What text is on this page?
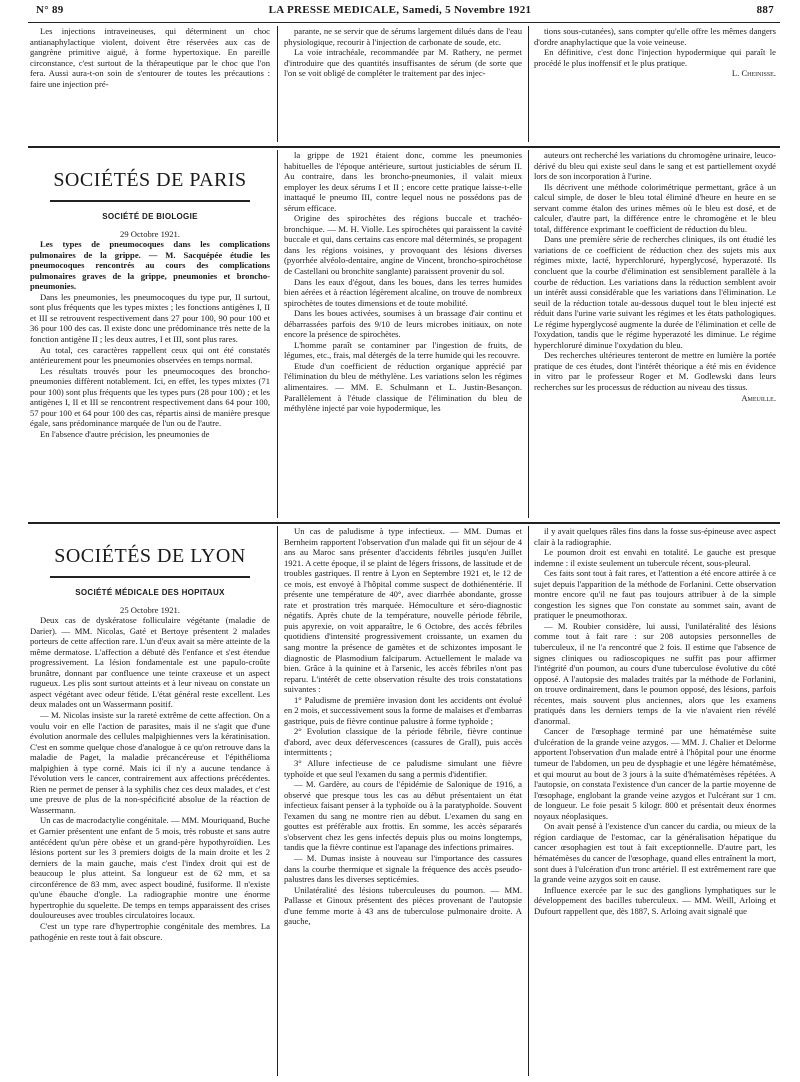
N° 89	LA PRESSE MEDICALE, Samedi, 5 Novembre 1921	887

Les injections intraveineuses, qui déterminent un choc antianaphylactique violent, doivent être réservées aux cas de gangrène primitive aiguë, à forme hypertoxique. En pareille circonstance, c'est surtout de la thérapeutique par le choc que l'on fera. Aussi aura-t-on soin de s'entourer de toutes les précautions : faire une injection pré-

parante, ne se servir que de sérums largement dilués dans de l'eau physiologique, recourir à l'injection de carbonate de soude, etc.

La voie intrachéale, recommandée par M. Rathery, ne permet d'introduire que des quantités insuffisantes de sérum (de sorte que l'on se voit obligé de compléter le traitement par des injec-

tions sous-cutanées), sans compter qu'elle offre les mêmes dangers d'ordre anaphylactique que la voie veineuse.

En définitive, c'est donc l'injection hypodermique qui paraît le procédé le plus inoffensif et le plus pratique.

L. Cheinisse.

SOCIÉTÉS DE PARIS
SOCIÉTÉ DE BIOLOGIE

29 Octobre 1921.

Les types de pneumocoques dans les complications pulmonaires de la grippe. — M. Sacquépée étudie les pneumocoques rencontrés au cours des complications pulmonaires graves de la grippe, pneumonies et broncho-pneumonies.

Dans les pneumonies, les pneumocoques du type pur, II surtout, sont plus fréquents que les types mixtes ; les fonctions antigènes I, II et III se retrouvent respectivement dans 27 pour 100, 90 pour 100 et 36 pour 100 des cas. Il existe donc une prédominance très nette de la fonction antigène II ; les deux autres, I et III, sont plus rares.

Au total, ces caractères rappellent ceux qui ont été constatés antérieurement pour les pneumonies observées en temps normal.

Les résultats trouvés pour les pneumocoques des broncho-pneumonies diffèrent notablement. Ici, en effet, les types mixtes (71 pour 100) sont plus fréquents que les types purs (28 pour 100) ; et les antigènes I, II et III se rencontrent respectivement dans 64 pour 100, 57 pour 100 et 64 pour 100 des cas, répartis ainsi de manière presque égale, sans prédominance marquée de l'un ou de l'autre.

En l'absence d'autre précision, les pneumonies de

la grippe de 1921 étaient donc, comme les pneumonies habituelles de l'époque antérieure, surtout justiciables de sérum II. Au contraire, dans les broncho-pneumonies, il valait mieux employer les deux sérums I et II ; encore cette pratique laisse-t-elle inattaqué le pneumo III, contre lequel nous ne possédons pas de sérum efficace.

Origine des spirochètes des régions buccale et trachéo-bronchique. — M. H. Violle. Les spirochètes qui paraissent la cavité buccale et qui, dans certains cas encore mal déterminés, se propagent dans les régions voisines, y provoquant des lésions diverses (pyorrhée alvéolo-dentaire, angine de Vincent, broncho-spirochétose de Castellani ou bronchite sanglante) paraissent provenir du sol.

Dans les eaux d'égout, dans les boues, dans les terres humides bien aérées et à réaction légèrement alcaline, on trouve de nombreux spirochètes de toutes dimensions et de toute mobilité.

Dans les boues activées, soumises à un brassage d'air continu et débarrassées parfois des 9/10 de leurs microbes initiaux, on note encore la présence de spirochètes.

L'homme paraît se contaminer par l'ingestion de fruits, de légumes, etc., frais, mal détergés de la terre humide qui les recouvre.

Etude d'un coefficient de réduction organique apprécié par l'élimination du bleu de méthylène. Les variations selon les régimes alimentaires. — MM. E. Schulmann et L. Justin-Besançon. Parallèlement à l'étude classique de l'élimination du bleu de méthylène injecté par voie hypodermique, les

auteurs ont recherché les variations du chromogène urinaire, leuco-dérivé du bleu qui existe seul dans le sang et est partiellement oxydé lors de son incorporation à l'urine.

Ils décrivent une méthode colorimétrique permettant, grâce à un calcul simple, de doser le bleu total éliminé d'heure en heure en se servant comme étalon des urines mêmes où le bleu est dosé, et de calculer, d'autre part, la différence entre le chromogène et le bleu total, différence exprimant le coefficient de réduction du bleu.

Dans une première série de recherches cliniques, ils ont étudié les variations de ce coefficient de réduction chez des sujets mis aux régimes mixte, lacté, hyperchloruré, hyperglycosé, hyperazoté. Ils concluent que la courbe d'élimination est sensiblement parallèle à la courbe de réduction. Les variations dans la réduction semblent avoir un intérêt aussi considérable que les variations dans l'élimination. Le seuil de la réduction totale au-dessous duquel tout le bleu injecté est réduit dans l'urine varie suivant les régimes et les états pathologiques. Le régime hyperglycosé augmente la durée de l'élimination et celle de l'oxydation, tandis que le régime hyperazoté les diminue. Le régime hyperchloruré diminue l'oxydation du bleu.

Des recherches ultérieures tenteront de mettre en lumière la portée pratique de ces études, dont l'intérêt théorique a été mis en évidence in vitro par le professeur Roger et M. Godlewski dans leurs recherches sur les processus de réduction au niveau des tissus.

Ameuille.

SOCIÉTÉS DE LYON
SOCIÉTÉ MÉDICALE DES HOPITAUX

25 Octobre 1921.

Deux cas de dyskératose folliculaire végétante (maladie de Darier). — MM. Nicolas, Gaté et Bertoye présentent 2 malades porteurs de cette affection rare. L'un d'eux avait sa mère atteinte de la même dermatose. L'affection a débuté dès l'enfance et s'est étendue progressivement. La lésion fondamentale est une papulo-croûte brunâtre, donnant par confluence une teinte craxeuse et un aspect rugueux. Les plis sont surtout atteints et à leur niveau on constate un aspect végétant avec odeur fétide. L'état général reste excellent. Les deux malades ont un Wassermann positif.

— M. Nicolas insiste sur la rareté extrême de cette affection. On a voulu voir en elle l'action de parasites, mais il ne s'agit que d'une évolution anormale des cellules malpighiennes vers la kératinisation. C'est en somme quelque chose d'analogue à ce qu'on retrouve dans la maladie de Paget, la maladie précancéreuse et l'épithélioma malpighien à type corné. Mais ici il n'y a aucune tendance à l'évolution vers le cancer, contrairement aux affections précédentes. Rien ne permet de penser à la syphilis chez ces deux malades, et c'est une preuve de plus de la non-spécificité absolue de la réaction de Wassermann.

Un cas de macrodactylie congénitale. — MM. Mouriquand, Buche et Garnier présentent une enfant de 5 mois, très robuste et sans autre antécédent qu'un père obèse et un grand-père hypothyroïdien. Les lésions portent sur les 3 premiers doigts de la main droite et les 2 derniers de la main gauche, mais c'est l'index droit qui est de beaucoup le plus atteint. Sa longueur est de 62 mm, et sa circonférence de 83 mm, avec aspect boudiné, fusiforme. Il n'existe qu'une ébauche d'ongle. La radiographie montre une énorme hypertrophie du squelette. De temps en temps apparaissent des crises douloureuses avec troubles circulatoires locaux.

C'est un type rare d'hypertrophie congénitale des membres. La pathogénie en reste tout à fait obscure.

Un cas de paludisme à type infectieux. — MM. Dumas et Bernheim rapportent l'observation d'un malade qui fit un séjour de 4 ans au Maroc sans présenter d'accidents fébriles jusqu'en Juillet 1921. A cette époque, il se plaint de légers frissons, de lassitude et de troubles gastriques. Il rentre à Lyon en Septembre 1921 et, le 12 de ce mois, est envoyé à l'hôpital comme suspect de dothiénentérie. Il présente une température de 40°, avec diarrhée abondante, grosse rate et prostration très marquée. Hémoculture et séro-diagnostic négatifs. Après chute de la température, nouvelle période fébrile, puis apyrexie, on voit apparaître, le 6 Octobre, des accès fébriles quotidiens d'intensité progressivement croissante, un examen du sang montre la présence de gamètes et de schizontes imposant le diagnostic de Plasmodium falciparum. Actuellement le malade va bien. Grâce à la quinine et à l'arsenic, les accès fébriles n'ont pas reparu. L'intérêt de cette observation résulte des trois constatations suivantes :

1° Paludisme de première invasion dont les accidents ont évolué en 2 mois, et successivement sous la forme de malaises et d'embarras gastrique, puis de fièvre continue palustre à forme typhoïde ;

2° Evolution classique de la période fébrile, fièvre continue d'abord, avec deux défervescences (cassures de Grall), puis accès intermittents ;

3° Allure infectieuse de ce paludisme simulant une fièvre typhoïde et que seul l'examen du sang a permis d'identifier.

— M. Gardère, au cours de l'épidémie de Salonique de 1916, a observé que presque tous les cas au début présentaient un état infectieux faisant penser à la typhoïde ou à la paratyphoïde. Souvent l'examen du sang ne montre rien au début. L'examen du sang en gouttes est préférable aux frottis. En somme, les accès sépararés s'observent chez les gens infectés depuis plus ou moins longtemps, tandis que la fièvre continue est l'apanage des infections primaires.

— M. Dumas insiste à nouveau sur l'importance des cassures dans la courbe thermique et signale la fréquence des accès pseudo-palustres dans les diverses septicémies.

Unilatéralité des lésions tuberculeuses du poumon. — MM. Pallasse et Ginoux présentent des pièces provenant de l'autopsie d'une femme morte à 43 ans de tuberculose pulmonaire droite. A gauche,

il y avait quelques râles fins dans la fosse sus-épineuse avec aspect clair à la radiographie.

Le poumon droit est envahi en totalité. Le gauche est presque indemne : il existe seulement un tubercule récent, sous-pleural.

Ces faits sont tout à fait rares, et l'attention a été encore attirée à ce sujet depuis l'apparition de la méthode de Forlanini. Cette observation montre encore qu'il ne faut pas toujours attribuer à de la simple congestion les signes que l'on constate au sommet sain, avant de pratiquer le pneumothorax.

— M. Roubier considère, lui aussi, l'unilatéralité des lésions comme tout à fait rare : sur 208 autopsies personnelles de tuberculeux, il ne l'a rencontré que 2 fois. Il estime que l'absence de signes cliniques ou radioscopiques ne suffit pas pour affirmer l'intégrité d'un poumon, au cours d'une tuberculose évolutive du côté opposé. A l'autopsie des malades traités par la méthode de Forlanini, on trouve ordinairement, dans le poumon opposé, des lésions, parfois récentes, mais souvent plus anciennes, alors que les examens pratiqués dans les derniers temps de la vie n'avaient rien révélé d'anormal.

Cancer de l'œsophage terminé par une hématémèse suite d'ulcération de la grande veine azygos. — MM. J. Chalier et Delorme apportent l'observation d'un malade entré à l'hôpital pour une énorme tumeur de l'abdomen, un peu de dysphagie et une légère hématémèse, et qui mourut au bout de 3 jours à la suite d'hématémèses répétées. A l'autopsie, on constata l'existence d'un cancer de la partie moyenne de l'œsophage, englobant la grande veine azygos et l'ulcérant sur 1 cm. de longueur. Le foie pesait 5 kilogr. 800 et présentait deux énormes noyaux néoplasiques.

On avait pensé à l'existence d'un cancer du cardia, ou mieux de la région cardiaque de l'estomac, car la généralisation hépatique du cancer œsophagien est tout à fait exceptionnelle. D'autre part, les hématémèses du cancer de l'œsophage, quand elles entraînent la mort, sont dues à l'ulcération d'un tronc artériel. Il est extrêmement rare que la grande veine azygos soit en cause.

Influence exercée par le suc des ganglions lymphatiques sur le développement des bacilles tuberculeux. — MM. Weill, Arloing et Dufourt rappellent que, dès 1887, S. Arloing avait signalé que
